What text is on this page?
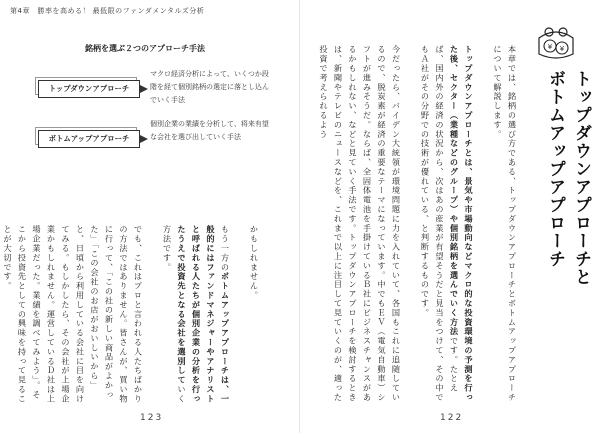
第4章　勝率を高める！ 最低限のファンダメンタルズ分析
銘柄を選ぶ２つのアプローチ手法
トップダウンアプローチ
マクロ経済分析によって、いくつか段階を経て個別銘柄の選定に落とし込んでいく手法
ボトムアップアプローチ
個別企業の業績を分析して、将来有望な会社を選び出していく手法

かもしれません。

もう一方のボトムアップアプローチは、一般的にはファンドマネジャーやアナリストと呼ばれる人たちが個別企業の分析を行ったうえで投資先となる会社を選別していく方法です。

でも、これはプロと言われる人たちばかりの方法ではありません。皆さんが、買い物に行って、「この社の新しい商品がよかった」「この会社のお店がおいしいから」と、日頃から利用している会社に目を向けてみる。もしかしたら、その会社が上場企業かもしれません。運営しているＤ社は上場企業だった。業績を調べてみよう」。そこから投資先としての興味を持って見ることが大切です。

123
¥ ¥
トップダウンアプローチと
ボトムアップアプローチ

本章では、銘柄の選び方である、トップダウンアプローチとボトムアップアプローチについて解説します。

トップダウンアプローチとは、景気や市場動向などマクロ的な投資環境の予測を行った後、セクター（業種などのグループ）や個別銘柄を選んでいく方法です。たとえば、国内外の経済の状況から、次はあの産業が有望そうだと見当をつけて、その中でもＡ社がその分野での技術が優れている、と判断するものです。

今だったら、バイデン大統領が環境問題に力を入れていて、各国もこれに追随しているので、脱炭素が経済の重要なテーマになっています。中でもＥＶ（電気自動車）シフトが進みそうだ。ならば、全固体電池を手掛けているＢ社にビジネスチャンスがあるかもしれない、などと見ていく手法です。トップダウンアプローチを検討するときは、新聞やテレビのニュースなどを、これまで以上に注目して見ていくのが、適った投資で考えられるよう

122
